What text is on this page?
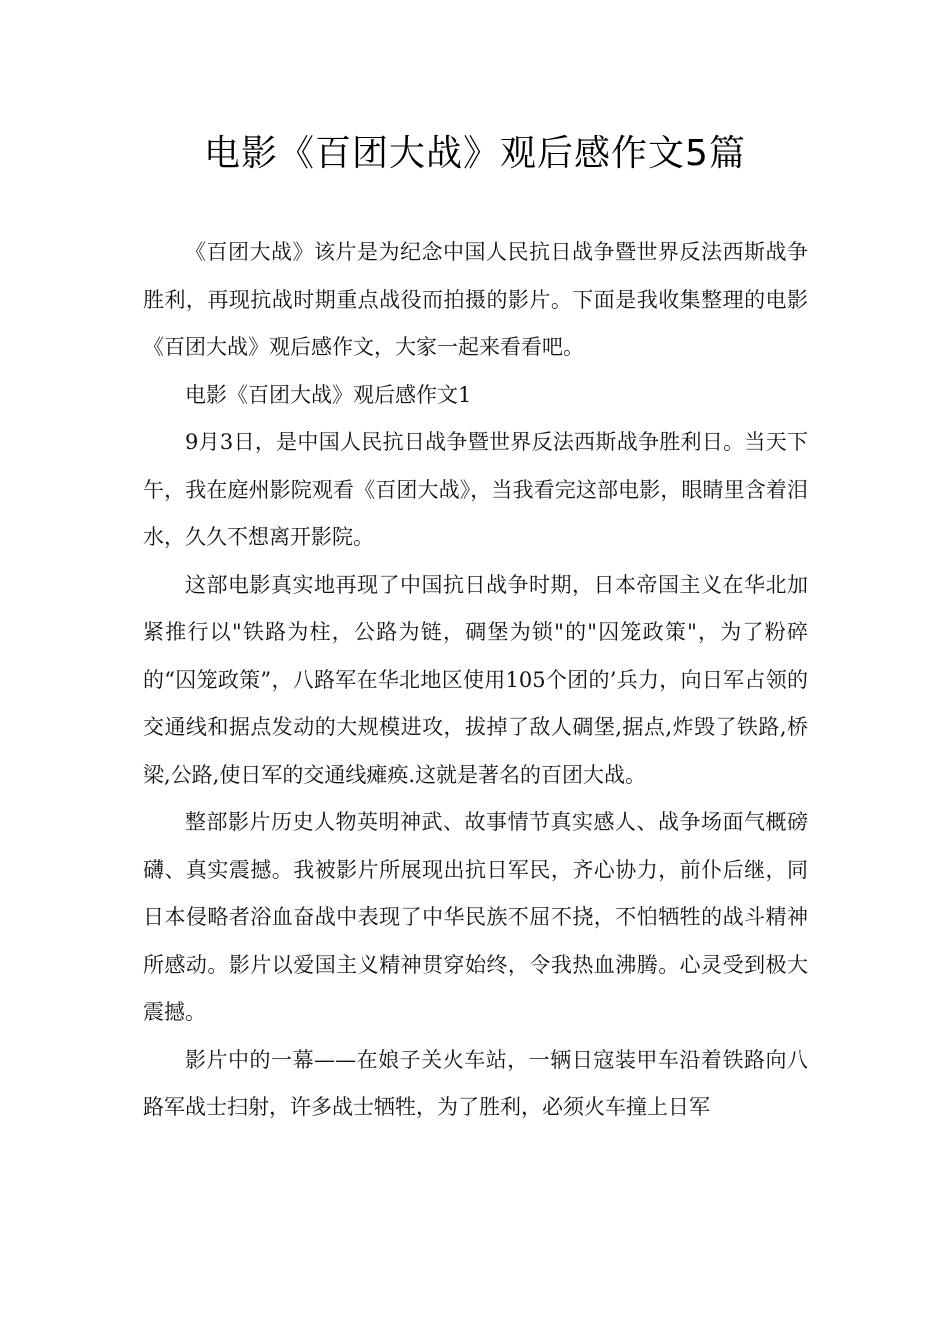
电影《百团大战》观后感作文5篇

《百团大战》该片是为纪念中国人民抗日战争暨世界反法西斯战争胜利，再现抗战时期重点战役而拍摄的影片。下面是我收集整理的电影《百团大战》观后感作文，大家一起来看看吧。

电影《百团大战》观后感作文1

9月3日，是中国人民抗日战争暨世界反法西斯战争胜利日。当天下午，我在庭州影院观看《百团大战》，当我看完这部电影，眼睛里含着泪水，久久不想离开影院。

这部电影真实地再现了中国抗日战争时期，日本帝国主义在华北加紧推行以"铁路为柱，公路为链，碉堡为锁"的"囚笼政策"，为了粉碎的“囚笼政策”，八路军在华北地区使用105个团的’兵力，向日军占领的交通线和据点发动的大规模进攻，拔掉了敌人碉堡,据点,炸毁了铁路,桥梁,公路,使日军的交通线瘫痪.这就是著名的百团大战。

整部影片历史人物英明神武、故事情节真实感人、战争场面气概磅礴、真实震撼。我被影片所展现出抗日军民，齐心协力，前仆后继，同日本侵略者浴血奋战中表现了中华民族不屈不挠，不怕牺牲的战斗精神所感动。影片以爱国主义精神贯穿始终，令我热血沸腾。心灵受到极大震撼。

影片中的一幕——在娘子关火车站，一辆日寇装甲车沿着铁路向八路军战士扫射，许多战士牺牲，为了胜利，必须火车撞上日军
